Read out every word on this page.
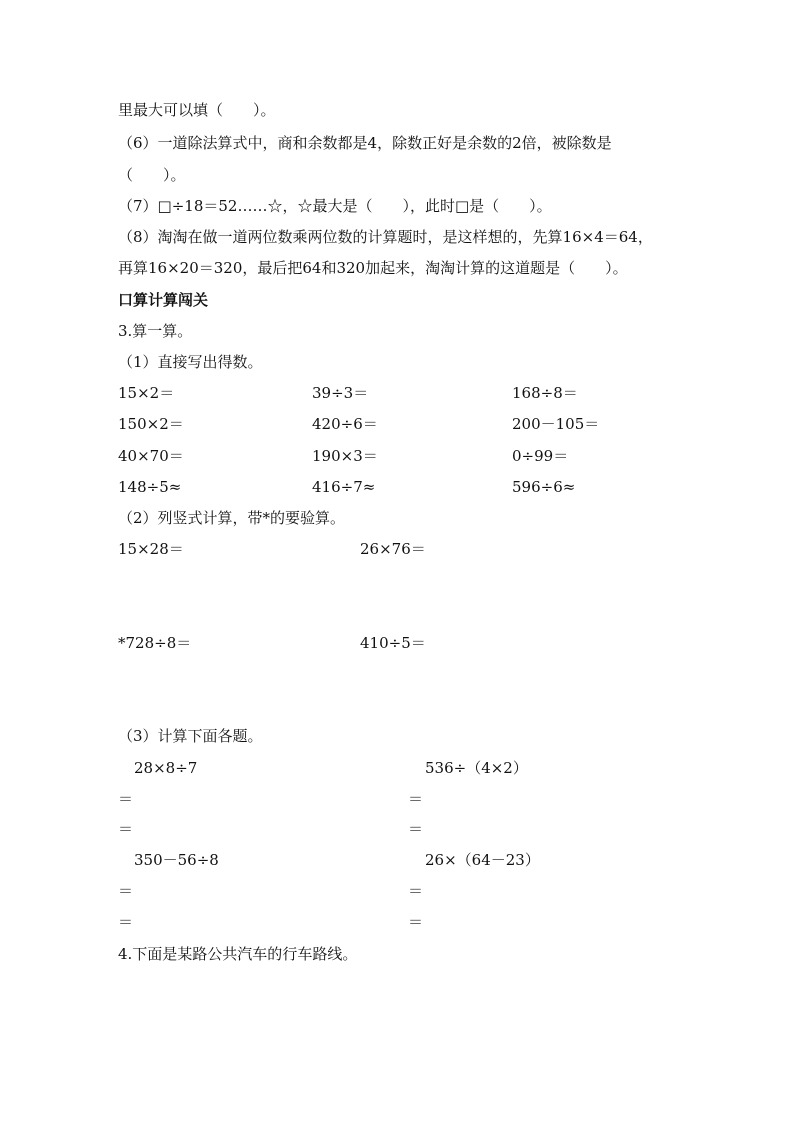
里最大可以填（　　）。
（6）一道除法算式中，商和余数都是4，除数正好是余数的2倍，被除数是
（　　）。
（7）□÷18＝52……☆，☆最大是（　　），此时□是（　　）。
（8）淘淘在做一道两位数乘两位数的计算题时，是这样想的，先算16×4＝64，
再算16×20＝320，最后把64和320加起来，淘淘计算的这道题是（　　）。
口算计算闯关
3.算一算。
（1）直接写出得数。
15×2＝	39÷3＝	168÷8＝
150×2＝	420÷6＝	200－105＝
40×70＝	190×3＝	0÷99＝
148÷5≈	416÷7≈	596÷6≈
（2）列竖式计算，带*的要验算。
15×28＝	26×76＝
*728÷8＝	410÷5＝
（3）计算下面各题。
28×8÷7	536÷（4×2）
＝	＝
＝	＝
350－56÷8	26×（64－23）
＝	＝
＝	＝
4.下面是某路公共汽车的行车路线。
